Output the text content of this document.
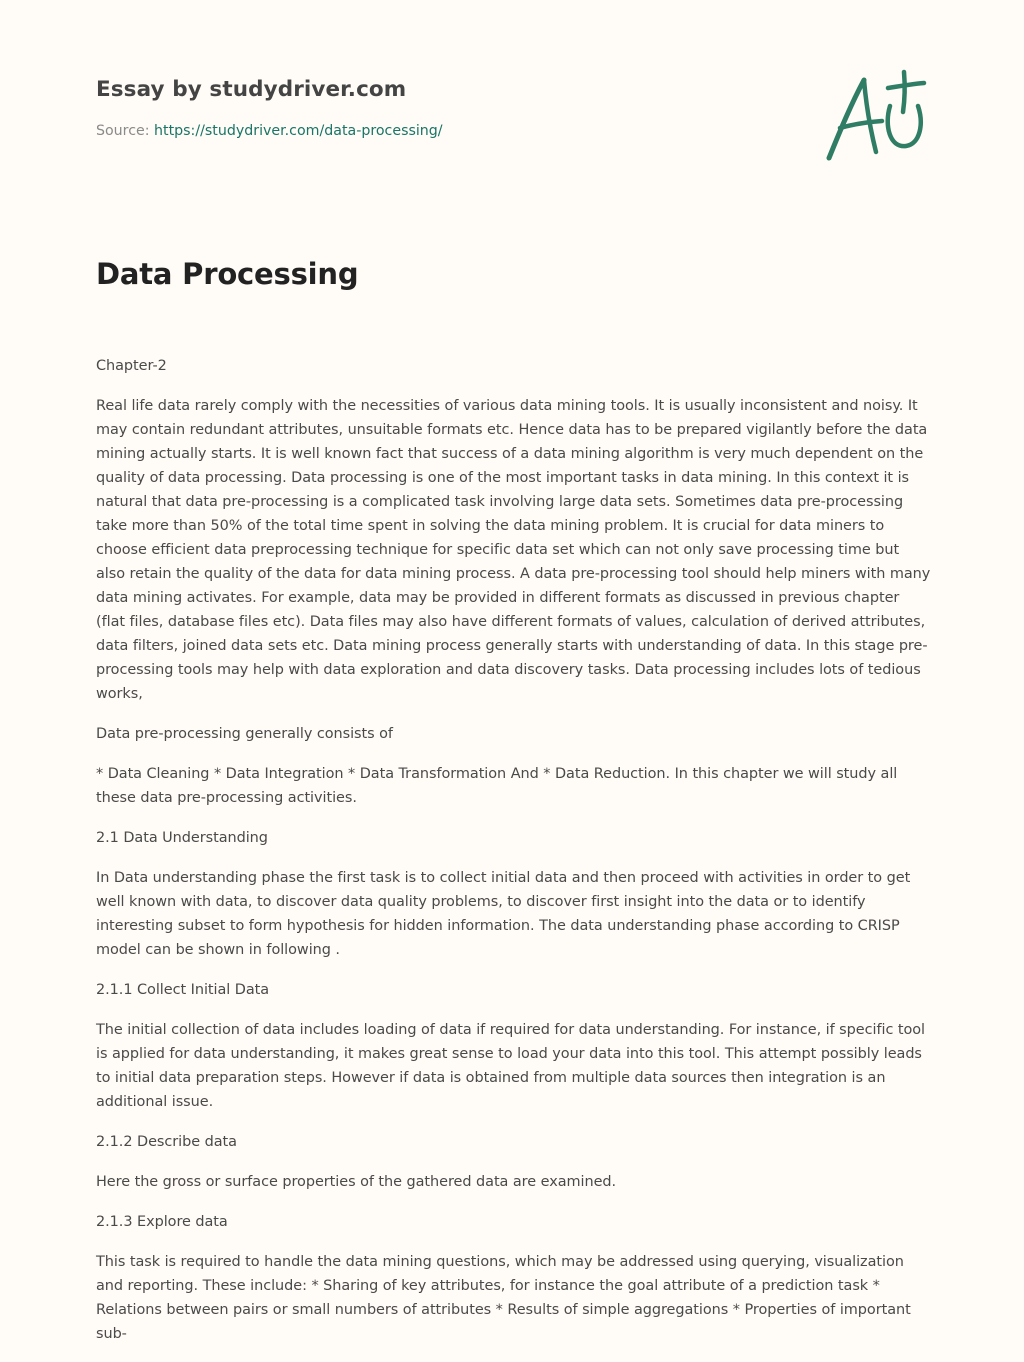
Essay by studydriver.com
Source: https://studydriver.com/data-processing/
Data Processing

Chapter-2

Real life data rarely comply with the necessities of various data mining tools. It is usually inconsistent and noisy. It may contain redundant attributes, unsuitable formats etc. Hence data has to be prepared vigilantly before the data mining actually starts. It is well known fact that success of a data mining algorithm is very much dependent on the quality of data processing. Data processing is one of the most important tasks in data mining. In this context it is natural that data pre-processing is a complicated task involving large data sets. Sometimes data pre-processing take more than 50% of the total time spent in solving the data mining problem. It is crucial for data miners to choose efficient data preprocessing technique for specific data set which can not only save processing time but also retain the quality of the data for data mining process. A data pre-processing tool should help miners with many data mining activates. For example, data may be provided in different formats as discussed in previous chapter (flat files, database files etc). Data files may also have different formats of values, calculation of derived attributes, data filters, joined data sets etc. Data mining process generally starts with understanding of data. In this stage pre-processing tools may help with data exploration and data discovery tasks. Data processing includes lots of tedious works,

Data pre-processing generally consists of

* Data Cleaning * Data Integration * Data Transformation And * Data Reduction. In this chapter we will study all these data pre-processing activities.

2.1 Data Understanding

In Data understanding phase the first task is to collect initial data and then proceed with activities in order to get well known with data, to discover data quality problems, to discover first insight into the data or to identify interesting subset to form hypothesis for hidden information. The data understanding phase according to CRISP model can be shown in following .

2.1.1 Collect Initial Data

The initial collection of data includes loading of data if required for data understanding. For instance, if specific tool is applied for data understanding, it makes great sense to load your data into this tool. This attempt possibly leads to initial data preparation steps. However if data is obtained from multiple data sources then integration is an additional issue.

2.1.2 Describe data

Here the gross or surface properties of the gathered data are examined.

2.1.3 Explore data

This task is required to handle the data mining questions, which may be addressed using querying, visualization and reporting. These include: * Sharing of key attributes, for instance the goal attribute of a prediction task * Relations between pairs or small numbers of attributes * Results of simple aggregations * Properties of important sub-
